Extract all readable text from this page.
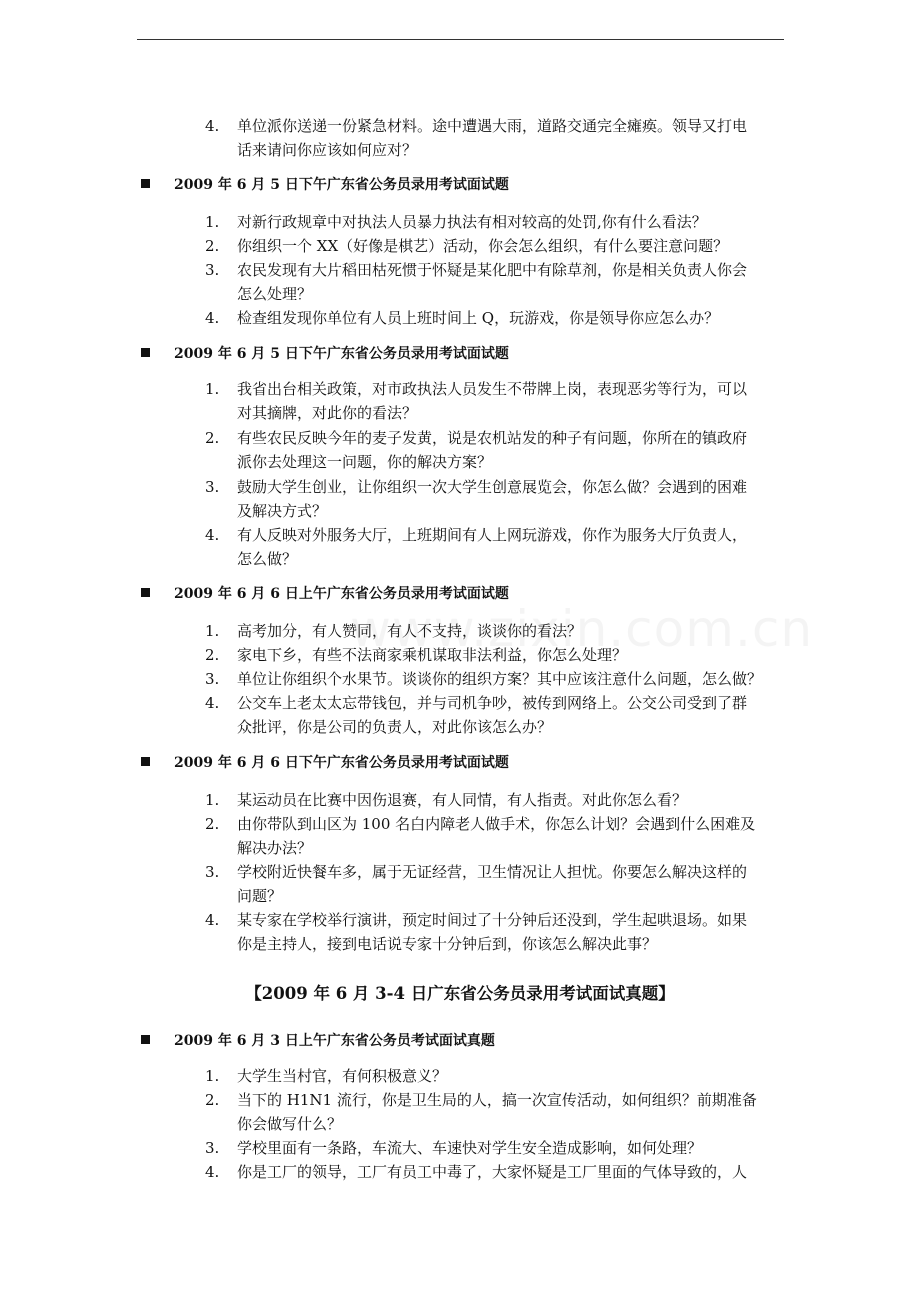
4.	单位派你送递一份紧急材料。途中遭遇大雨，道路交通完全瘫痪。领导又打电
话来请问你应该如何应对？
2009 年 6 月 5 日下午广东省公务员录用考试面试题
1.	对新行政规章中对执法人员暴力执法有相对较高的处罚,你有什么看法？
2.	你组织一个 XX（好像是棋艺）活动，你会怎么组织，有什么要注意问题？
3.	农民发现有大片稻田枯死惯于怀疑是某化肥中有除草剂，你是相关负责人你会
怎么处理？
4.	检查组发现你单位有人员上班时间上 Q，玩游戏，你是领导你应怎么办？
2009 年 6 月 5 日下午广东省公务员录用考试面试题
1.	我省出台相关政策，对市政执法人员发生不带牌上岗，表现恶劣等行为，可以
对其摘牌，对此你的看法？
2.	有些农民反映今年的麦子发黄，说是农机站发的种子有问题，你所在的镇政府
派你去处理这一问题，你的解决方案？
3.	鼓励大学生创业，让你组织一次大学生创意展览会，你怎么做？会遇到的困难
及解决方式？
4.	有人反映对外服务大厅，上班期间有人上网玩游戏，你作为服务大厅负责人，
怎么做？
2009 年 6 月 6 日上午广东省公务员录用考试面试题
1.	高考加分，有人赞同，有人不支持，谈谈你的看法？
2.	家电下乡，有些不法商家乘机谋取非法利益，你怎么处理？
3.	单位让你组织个水果节。谈谈你的组织方案？其中应该注意什么问题，怎么做？
4.	公交车上老太太忘带钱包，并与司机争吵，被传到网络上。公交公司受到了群
众批评，你是公司的负责人，对此你该怎么办？
2009 年 6 月 6 日下午广东省公务员录用考试面试题
1.	某运动员在比赛中因伤退赛，有人同情，有人指责。对此你怎么看？
2.	由你带队到山区为 100 名白内障老人做手术，你怎么计划？会遇到什么困难及
解决办法？
3.	学校附近快餐车多，属于无证经营，卫生情况让人担忧。你要怎么解决这样的
问题？
4.	某专家在学校举行演讲，预定时间过了十分钟后还没到，学生起哄退场。如果
你是主持人，接到电话说专家十分钟后到，你该怎么解决此事？
【2009 年 6 月 3-4 日广东省公务员录用考试面试真题】
2009 年 6 月 3 日上午广东省公务员考试面试真题
1.	大学生当村官，有何积极意义？
2.	当下的 H1N1 流行，你是卫生局的人，搞一次宣传活动，如何组织？前期准备
你会做写什么？
3.	学校里面有一条路，车流大、车速快对学生安全造成影响，如何处理？
4.	你是工厂的领导，工厂有员工中毒了，大家怀疑是工厂里面的气体导致的，人
